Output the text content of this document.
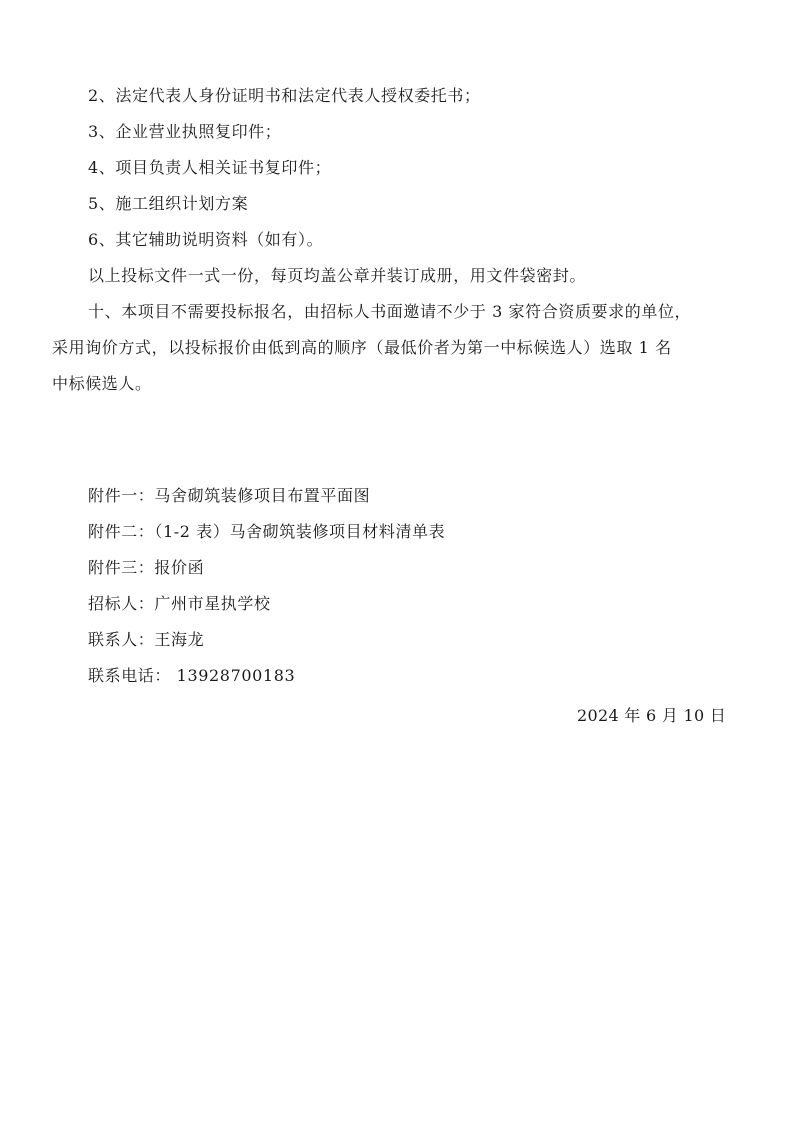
2、法定代表人身份证明书和法定代表人授权委托书；
3、企业营业执照复印件；
4、项目负责人相关证书复印件；
5、施工组织计划方案
6、其它辅助说明资料（如有）。
以上投标文件一式一份，每页均盖公章并装订成册，用文件袋密封。
十、本项目不需要投标报名，由招标人书面邀请不少于 3 家符合资质要求的单位，
采用询价方式，以投标报价由低到高的顺序（最低价者为第一中标候选人）选取 1 名
中标候选人。
附件一：马舍砌筑装修项目布置平面图
附件二：（1-2 表）马舍砌筑装修项目材料清单表
附件三：报价函
招标人：广州市星执学校
联系人：王海龙
联系电话： 13928700183
2024 年 6 月 10 日
